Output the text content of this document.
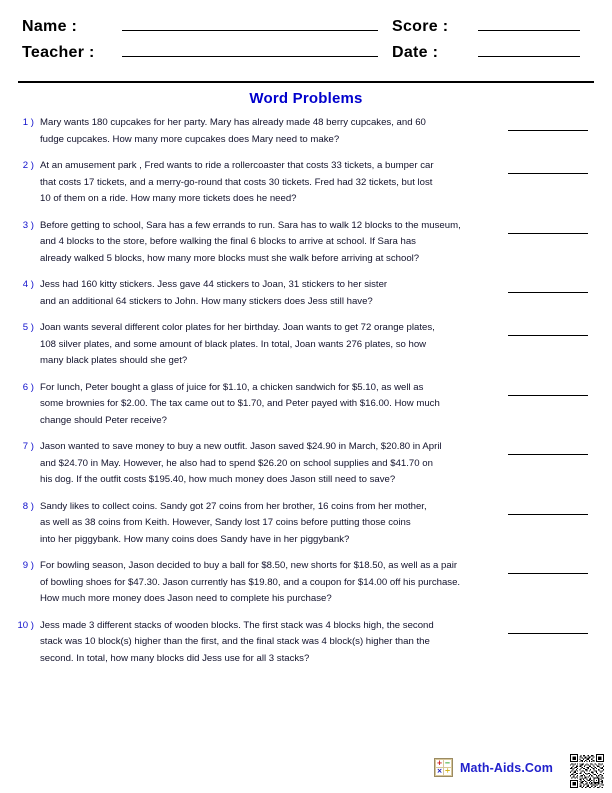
Name :
Teacher :
Score :
Date :
Word Problems
1 ) Mary wants 180 cupcakes for her party. Mary has already made 48 berry cupcakes, and 60
fudge cupcakes. How many more cupcakes does Mary need to make?
2 ) At an amusement park , Fred wants to ride a rollercoaster that costs 33 tickets, a bumper car
that costs 17 tickets, and a merry-go-round that costs 30 tickets. Fred had 32 tickets, but lost
10 of them on a ride. How many more tickets does he need?
3 ) Before getting to school, Sara has a few errands to run. Sara has to walk 12 blocks to the museum,
and 4 blocks to the store, before walking the final 6 blocks to arrive at school. If Sara has
already walked 5 blocks, how many more blocks must she walk before arriving at school?
4 ) Jess had 160 kitty stickers. Jess gave 44 stickers to Joan, 31 stickers to her sister
and an additional 64 stickers to John. How many stickers does Jess still have?
5 ) Joan wants several different color plates for her birthday. Joan wants to get 72 orange plates,
108 silver plates, and some amount of black plates. In total, Joan wants 276 plates, so how
many black plates should she get?
6 ) For lunch, Peter bought a glass of juice for $1.10, a chicken sandwich for $5.10, as well as
some brownies for $2.00. The tax came out to $1.70, and Peter payed with $16.00. How much
change should Peter receive?
7 ) Jason wanted to save money to buy a new outfit. Jason saved $24.90 in March, $20.80 in April
and $24.70 in May. However, he also had to spend $26.20 on school supplies and $41.70 on
his dog. If the outfit costs $195.40, how much money does Jason still need to save?
8 ) Sandy likes to collect coins. Sandy got 27 coins from her brother, 16 coins from her mother,
as well as 38 coins from Keith. However, Sandy lost 17 coins before putting those coins
into her piggybank. How many coins does Sandy have in her piggybank?
9 ) For bowling season, Jason decided to buy a ball for $8.50, new shorts for $18.50, as well as a pair
of bowling shoes for $47.30. Jason currently has $19.80, and a coupon for $14.00 off his purchase.
How much more money does Jason need to complete his purchase?
10 ) Jess made 3 different stacks of wooden blocks. The first stack was 4 blocks high, the second
stack was 10 block(s) higher than the first, and the final stack was 4 block(s) higher than the
second. In total, how many blocks did Jess use for all 3 stacks?
+ −
× ÷ Math-Aids.Com
